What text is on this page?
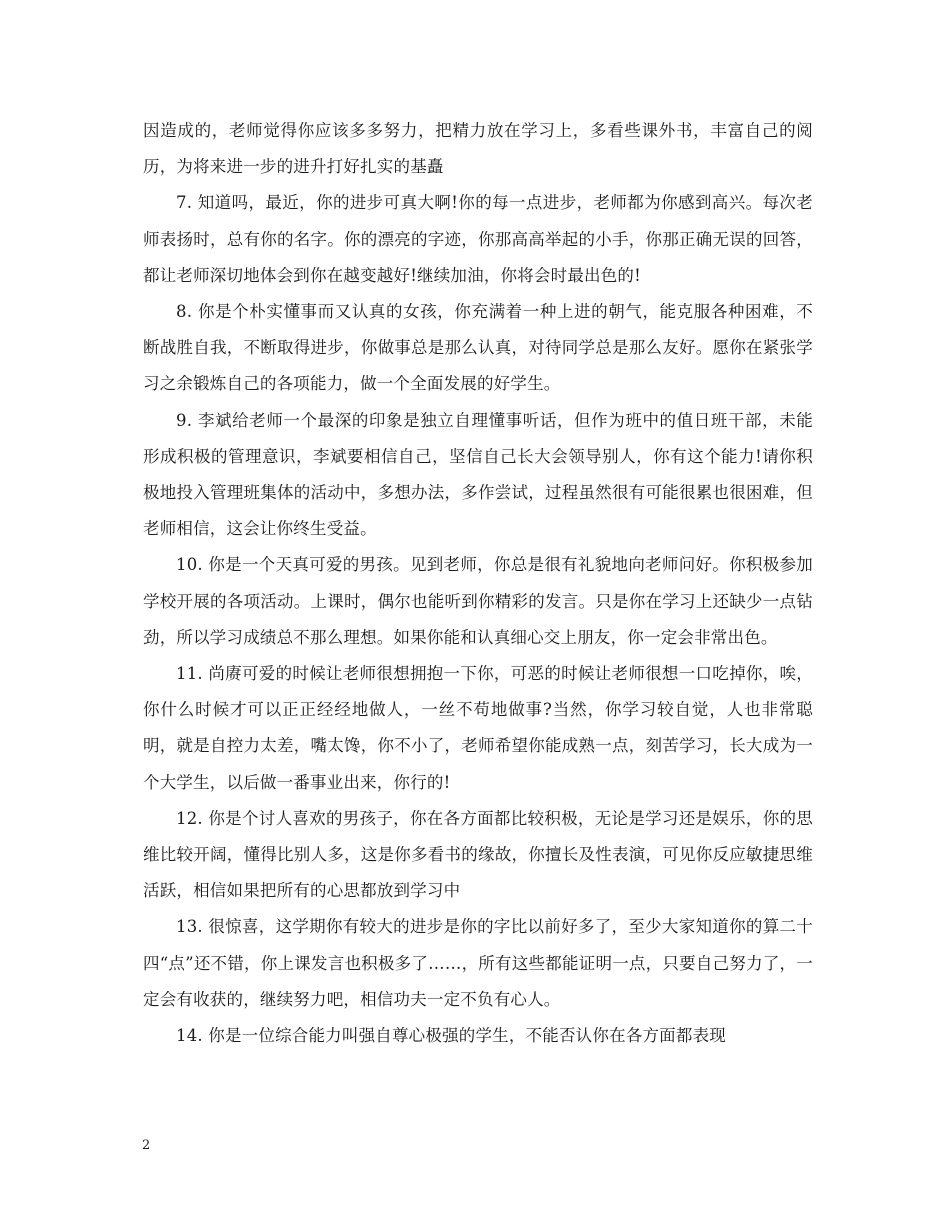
因造成的，老师觉得你应该多多努力，把精力放在学习上，多看些课外书，丰富自己的阅历，为将来进一步的进升打好扎实的基矗

7. 知道吗，最近，你的进步可真大啊!你的每一点进步，老师都为你感到高兴。每次老师表扬时，总有你的名字。你的漂亮的字迹，你那高高举起的小手，你那正确无误的回答，都让老师深切地体会到你在越变越好!继续加油，你将会时最出色的!

8. 你是个朴实懂事而又认真的女孩，你充满着一种上进的朝气，能克服各种困难，不断战胜自我，不断取得进步，你做事总是那么认真，对待同学总是那么友好。愿你在紧张学习之余锻炼自己的各项能力，做一个全面发展的好学生。

9. 李斌给老师一个最深的印象是独立自理懂事听话，但作为班中的值日班干部，未能形成积极的管理意识，李斌要相信自己，坚信自己长大会领导别人，你有这个能力!请你积极地投入管理班集体的活动中，多想办法，多作尝试，过程虽然很有可能很累也很困难，但老师相信，这会让你终生受益。

10. 你是一个天真可爱的男孩。见到老师，你总是很有礼貌地向老师问好。你积极参加学校开展的各项活动。上课时，偶尔也能听到你精彩的发言。只是你在学习上还缺少一点钻劲，所以学习成绩总不那么理想。如果你能和认真细心交上朋友，你一定会非常出色。

11. 尚赓可爱的时候让老师很想拥抱一下你，可恶的时候让老师很想一口吃掉你，唉，你什么时候才可以正正经经地做人，一丝不苟地做事?当然，你学习较自觉，人也非常聪明，就是自控力太差，嘴太馋，你不小了，老师希望你能成熟一点，刻苦学习，长大成为一个大学生，以后做一番事业出来，你行的!

12. 你是个讨人喜欢的男孩子，你在各方面都比较积极，无论是学习还是娱乐，你的思维比较开阔，懂得比别人多，这是你多看书的缘故，你擅长及性表演，可见你反应敏捷思维活跃，相信如果把所有的心思都放到学习中

13. 很惊喜，这学期你有较大的进步是你的字比以前好多了，至少大家知道你的算二十四“点”还不错，你上课发言也积极多了……，所有这些都能证明一点，只要自己努力了，一定会有收获的，继续努力吧，相信功夫一定不负有心人。

14. 你是一位综合能力叫强自尊心极强的学生，不能否认你在各方面都表现

2
